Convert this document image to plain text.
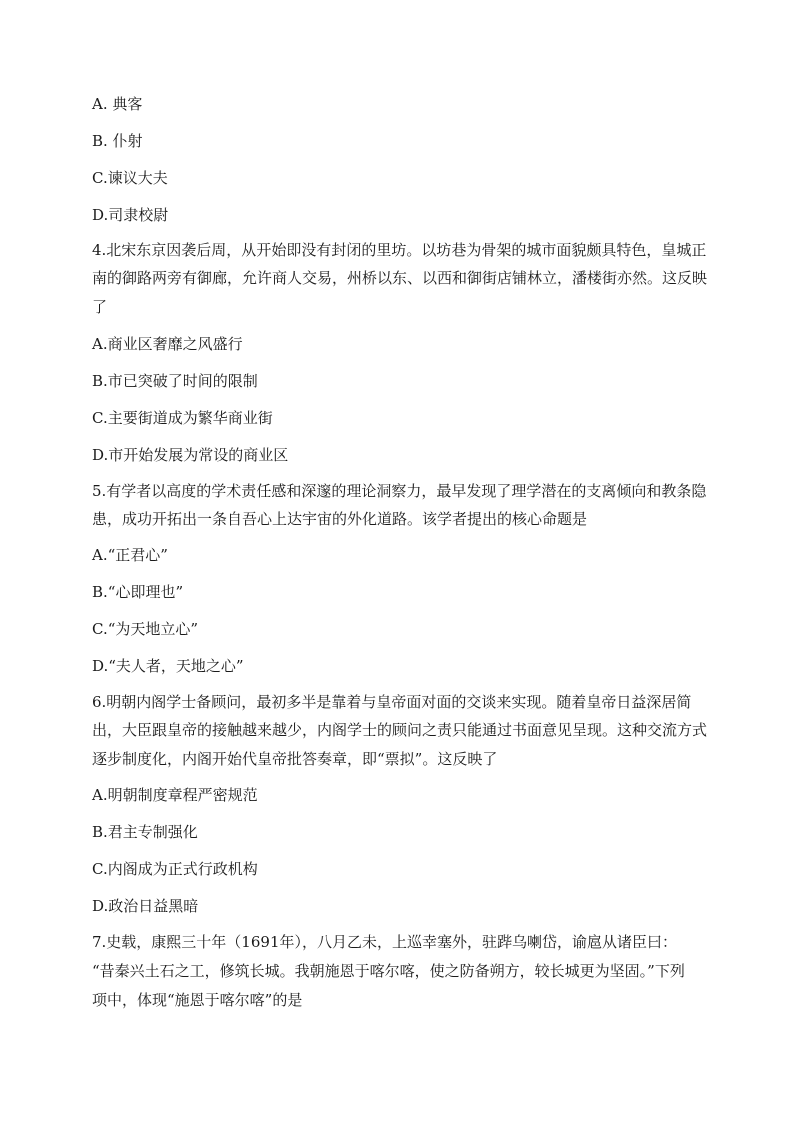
A. 典客
B. 仆射
C.谏议大夫
D.司隶校尉
4.北宋东京因袭后周，从开始即没有封闭的里坊。以坊巷为骨架的城市面貌颇具特色，皇城正
南的御路两旁有御廊，允许商人交易，州桥以东、以西和御街店铺林立，潘楼街亦然。这反映
了
A.商业区奢靡之风盛行
B.市已突破了时间的限制
C.主要街道成为繁华商业街
D.市开始发展为常设的商业区
5.有学者以高度的学术责任感和深邃的理论洞察力，最早发现了理学潜在的支离倾向和教条隐
患，成功开拓出一条自吾心上达宇宙的外化道路。该学者提出的核心命题是
A.“正君心”
B.“心即理也”
C.“为天地立心”
D.“夫人者，天地之心”
6.明朝内阁学士备顾问，最初多半是靠着与皇帝面对面的交谈来实现。随着皇帝日益深居简
出，大臣跟皇帝的接触越来越少，内阁学士的顾问之责只能通过书面意见呈现。这种交流方式
逐步制度化，内阁开始代皇帝批答奏章，即“票拟”。这反映了
A.明朝制度章程严密规范
B.君主专制强化
C.内阁成为正式行政机构
D.政治日益黑暗
7.史载，康熙三十年（1691年），八月乙未，上巡幸塞外，驻跸乌喇岱，谕扈从诸臣曰：
“昔秦兴土石之工，修筑长城。我朝施恩于喀尔喀，使之防备朔方，较长城更为坚固。”下列
项中，体现“施恩于喀尔喀”的是
